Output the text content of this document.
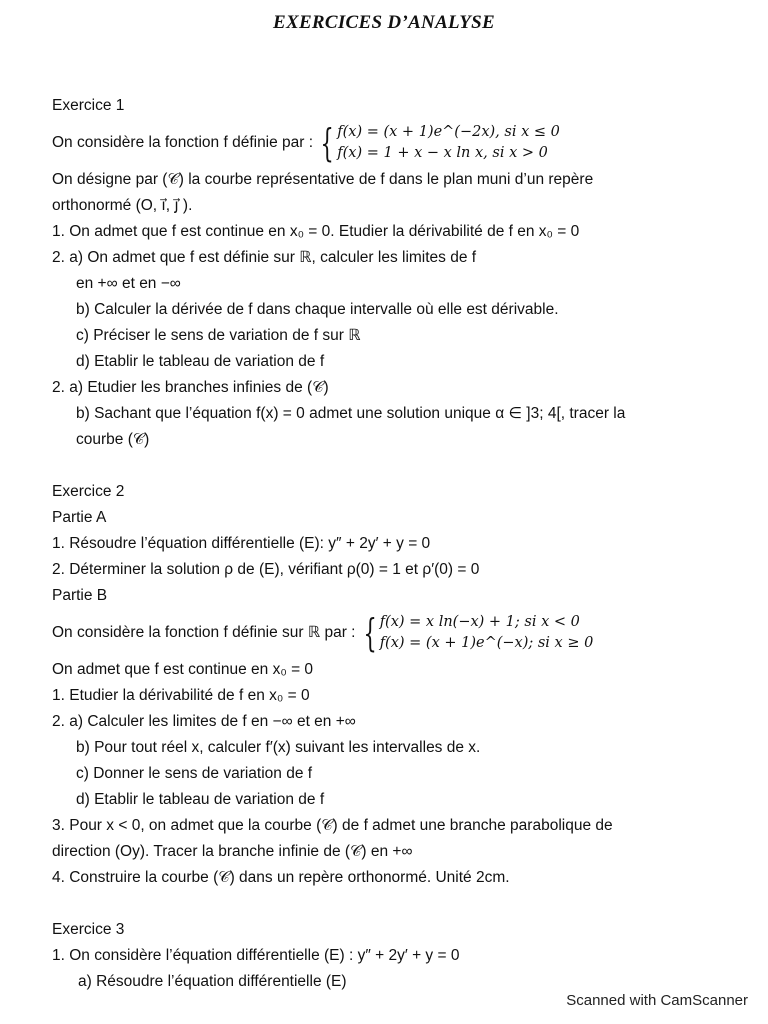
EXERCICES D’ANALYSE
Exercice 1
On considère la fonction f définie par : { f(x) = (x + 1)e^(−2x), si x ≤ 0
f(x) = 1 + x − x ln x, si x > 0
On désigne par (𝒞) la courbe représentative de f dans le plan muni d’un repère
orthonormé (O, i⃗, j⃗ ).
1. On admet que f est continue en x₀ = 0. Etudier la dérivabilité de f en x₀ = 0
2. a) On admet que f est définie sur ℝ, calculer les limites de f
en +∞ et en −∞
b) Calculer la dérivée de f dans chaque intervalle où elle est dérivable.
c) Préciser le sens de variation de f sur ℝ
d) Etablir le tableau de variation de f
2. a) Etudier les branches infinies de (𝒞)
b) Sachant que l’équation f(x) = 0 admet une solution unique α ∈ ]3; 4[, tracer la
courbe (𝒞)
Exercice 2
Partie A
1. Résoudre l’équation différentielle (E): y″ + 2y′ + y = 0
2. Déterminer la solution ρ de (E), vérifiant ρ(0) = 1 et ρ′(0) = 0
Partie B
On considère la fonction f définie sur ℝ par : { f(x) = x ln(−x) + 1; si x < 0
f(x) = (x + 1)e^(−x); si x ≥ 0
On admet que f est continue en x₀ = 0
1. Etudier la dérivabilité de f en x₀ = 0
2. a) Calculer les limites de f en −∞ et en +∞
b) Pour tout réel x, calculer f′(x) suivant les intervalles de x.
c) Donner le sens de variation de f
d) Etablir le tableau de variation de f
3. Pour x < 0, on admet que la courbe (𝒞) de f admet une branche parabolique de
direction (Oy). Tracer la branche infinie de (𝒞) en +∞
4. Construire la courbe (𝒞) dans un repère orthonormé. Unité 2cm.
Exercice 3
1. On considère l’équation différentielle (E) : y″ + 2y′ + y = 0
a) Résoudre l’équation différentielle (E)
Scanned with CamScanner
